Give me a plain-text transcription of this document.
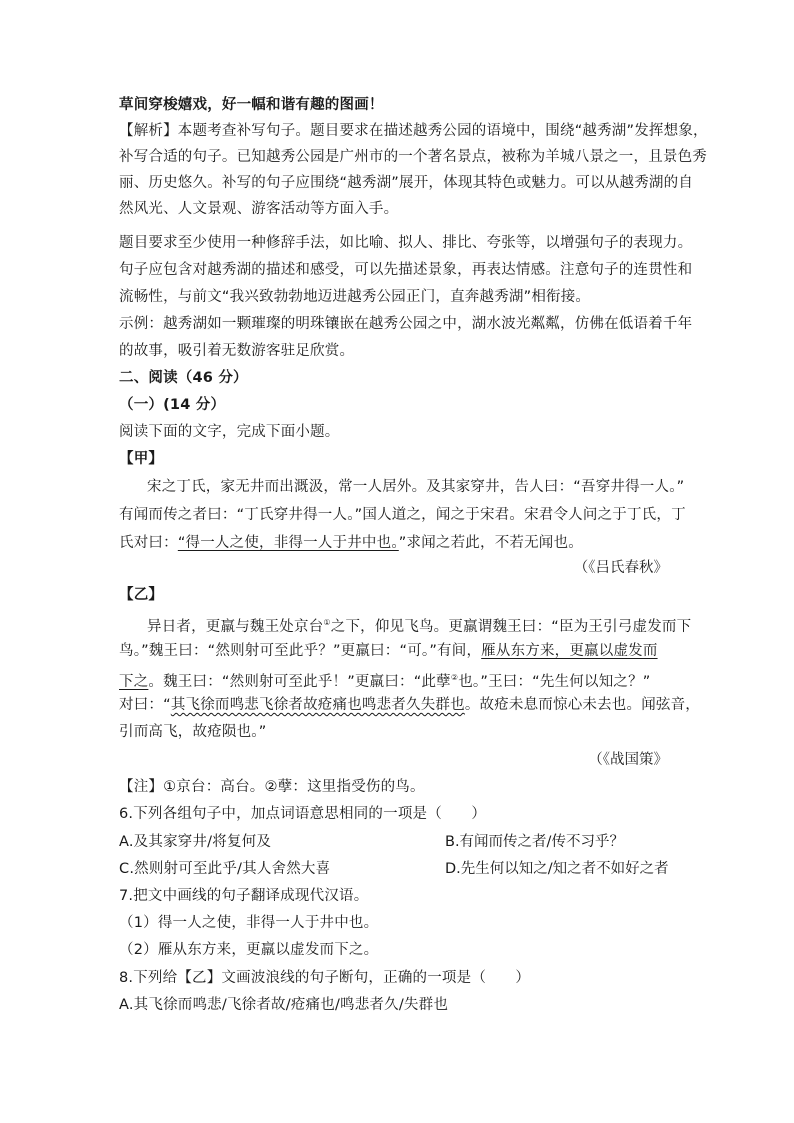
草间穿梭嬉戏，好一幅和谐有趣的图画！
【解析】本题考查补写句子。题目要求在描述越秀公园的语境中，围绕“越秀湖”发挥想象，
补写合适的句子。已知越秀公园是广州市的一个著名景点，被称为羊城八景之一，且景色秀
丽、历史悠久。补写的句子应围绕“越秀湖”展开，体现其特色或魅力。可以从越秀湖的自
然风光、人文景观、游客活动等方面入手。
题目要求至少使用一种修辞手法，如比喻、拟人、排比、夸张等，以增强句子的表现力。
句子应包含对越秀湖的描述和感受，可以先描述景象，再表达情感。注意句子的连贯性和
流畅性，与前文“我兴致勃勃地迈进越秀公园正门，直奔越秀湖”相衔接。
示例：越秀湖如一颗璀璨的明珠镶嵌在越秀公园之中，湖水波光粼粼，仿佛在低语着千年
的故事，吸引着无数游客驻足欣赏。
二、阅读（46 分）
（一）(14 分）
阅读下面的文字，完成下面小题。
【甲】
宋之丁氏，家无井而出溉汲，常一人居外。及其家穿井，告人曰：“吾穿井得一人。”
有闻而传之者曰：“丁氏穿井得一人。”国人道之，闻之于宋君。宋君令人问之于丁氏，丁
氏对曰：“得一人之使，非得一人于井中也。”求闻之若此，不若无闻也。
（《吕氏春秋》
【乙】
异日者，更羸与魏王处京台①之下，仰见飞鸟。更羸谓魏王曰：“臣为王引弓虚发而下
鸟。”魏王曰：“然则射可至此乎？”更羸曰：“可。”有间，雁从东方来，更羸以虚发而
下之。魏王曰：“然则射可至此乎！”更羸曰：“此孽②也。”王曰：“先生何以知之？”
对曰：“其飞徐而鸣悲飞徐者故疮痛也鸣悲者久失群也。故疮未息而惊心未去也。闻弦音，
引而高飞，故疮陨也。”
（《战国策》
【注】①京台：高台。②孽：这里指受伤的鸟。
6.下列各组句子中，加点词语意思相同的一项是（　　）
A.及其家穿井/将复何及	B.有闻而传之者/传不习乎？
C.然则射可至此乎/其人舍然大喜	D.先生何以知之/知之者不如好之者
7.把文中画线的句子翻译成现代汉语。
（1）得一人之使，非得一人于井中也。
（2）雁从东方来，更羸以虚发而下之。
8.下列给【乙】文画波浪线的句子断句，正确的一项是（　　）
A.其飞徐而鸣悲/飞徐者故/疮痛也/鸣悲者久/失群也
